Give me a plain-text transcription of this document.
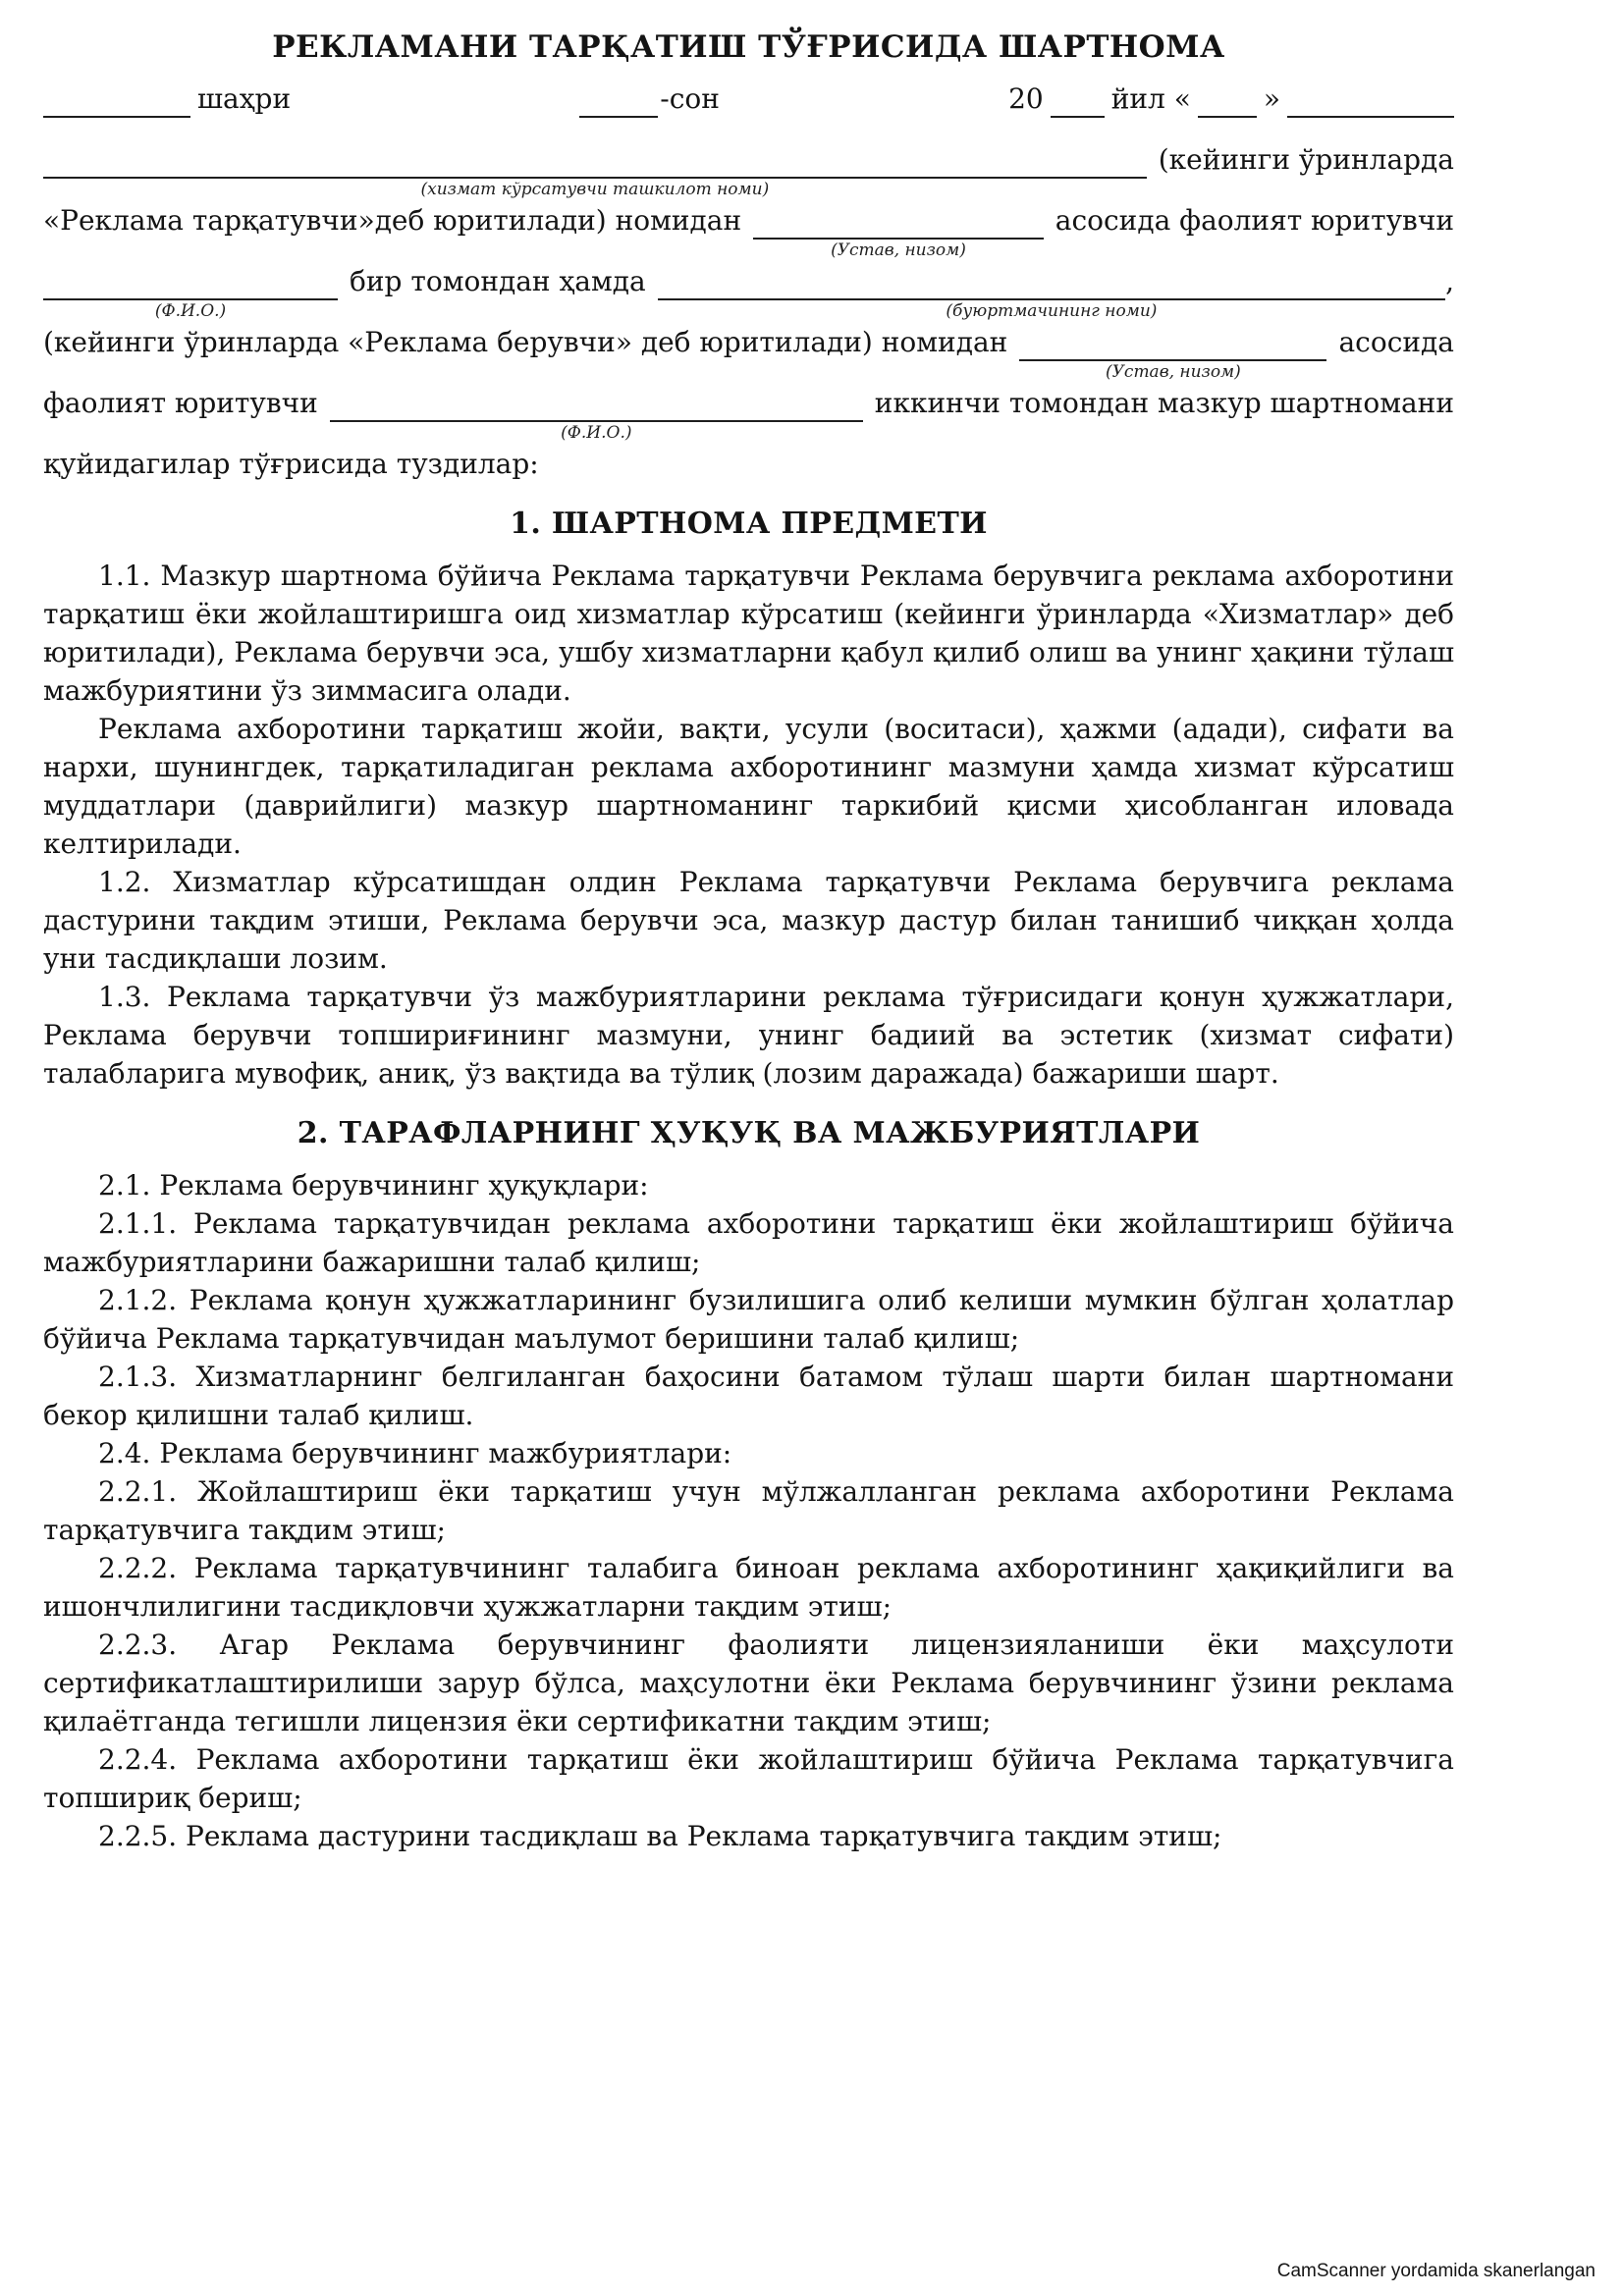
РЕКЛАМАНИ ТАРҚАТИШ ТЎҒРИСИДА ШАРТНОМА
шаҳри	-сон	20 йил «	»
(хизмат кўрсатувчи ташкилот номи)
(кейинги ўринларда
«Реклама тарқатувчи»деб юритилади) номидан
(Устав, низом)
асосида фаолият юритувчи
(Ф.И.О.)
бир томондан ҳамда
(буюртмачининг номи)
,
(кейинги ўринларда «Реклама берувчи» деб юритилади) номидан
(Устав, низом)
асосида
фаолият юритувчи
(Ф.И.О.)
иккинчи томондан мазкур шартномани
қуйидагилар тўғрисида туздилар:
1. ШАРТНОМА ПРЕДМЕТИ

1.1. Мазкур шартнома бўйича Реклама тарқатувчи Реклама берувчига реклама ахборотини тарқатиш ёки жойлаштиришга оид хизматлар кўрсатиш (кейинги ўринларда «Хизматлар» деб юритилади), Реклама берувчи эса, ушбу хизматларни қабул қилиб олиш ва унинг ҳақини тўлаш мажбуриятини ўз зиммасига олади.

Реклама ахборотини тарқатиш жойи, вақти, усули (воситаси), ҳажми (адади), сифати ва нархи, шунингдек, тарқатиладиган реклама ахборотининг мазмуни ҳамда хизмат кўрсатиш муддатлари (даврийлиги) мазкур шартноманинг таркибий қисми ҳисобланган иловада келтирилади.

1.2. Хизматлар кўрсатишдан олдин Реклама тарқатувчи Реклама берувчига реклама дастурини тақдим этиши, Реклама берувчи эса, мазкур дастур билан танишиб чиққан ҳолда уни тасдиқлаши лозим.

1.3. Реклама тарқатувчи ўз мажбуриятларини реклама тўғрисидаги қонун ҳужжатлари, Реклама берувчи топшириғининг мазмуни, унинг бадиий ва эстетик (хизмат сифати) талабларига мувофиқ, аниқ, ўз вақтида ва тўлиқ (лозим даражада) бажариши шарт.

2. ТАРАФЛАРНИНГ ҲУҚУҚ ВА МАЖБУРИЯТЛАРИ

2.1. Реклама берувчининг ҳуқуқлари:

2.1.1. Реклама тарқатувчидан реклама ахборотини тарқатиш ёки жойлаштириш бўйича мажбуриятларини бажаришни талаб қилиш;

2.1.2. Реклама қонун ҳужжатларининг бузилишига олиб келиши мумкин бўлган ҳолатлар бўйича Реклама тарқатувчидан маълумот беришини талаб қилиш;

2.1.3. Хизматларнинг белгиланган баҳосини батамом тўлаш шарти билан шартномани бекор қилишни талаб қилиш.

2.4. Реклама берувчининг мажбуриятлари:

2.2.1. Жойлаштириш ёки тарқатиш учун мўлжалланган реклама ахборотини Реклама тарқатувчига тақдим этиш;

2.2.2. Реклама тарқатувчининг талабига биноан реклама ахборотининг ҳақиқийлиги ва ишончлилигини тасдиқловчи ҳужжатларни тақдим этиш;

2.2.3. Агар Реклама берувчининг фаолияти лицензияланиши ёки маҳсулоти сертификатлаштирилиши зарур бўлса, маҳсулотни ёки Реклама берувчининг ўзини реклама қилаётганда тегишли лицензия ёки сертификатни тақдим этиш;

2.2.4. Реклама ахборотини тарқатиш ёки жойлаштириш бўйича Реклама тарқатувчига топшириқ бериш;

2.2.5. Реклама дастурини тасдиқлаш ва Реклама тарқатувчига тақдим этиш;

CamScanner yordamida skanerlangan
